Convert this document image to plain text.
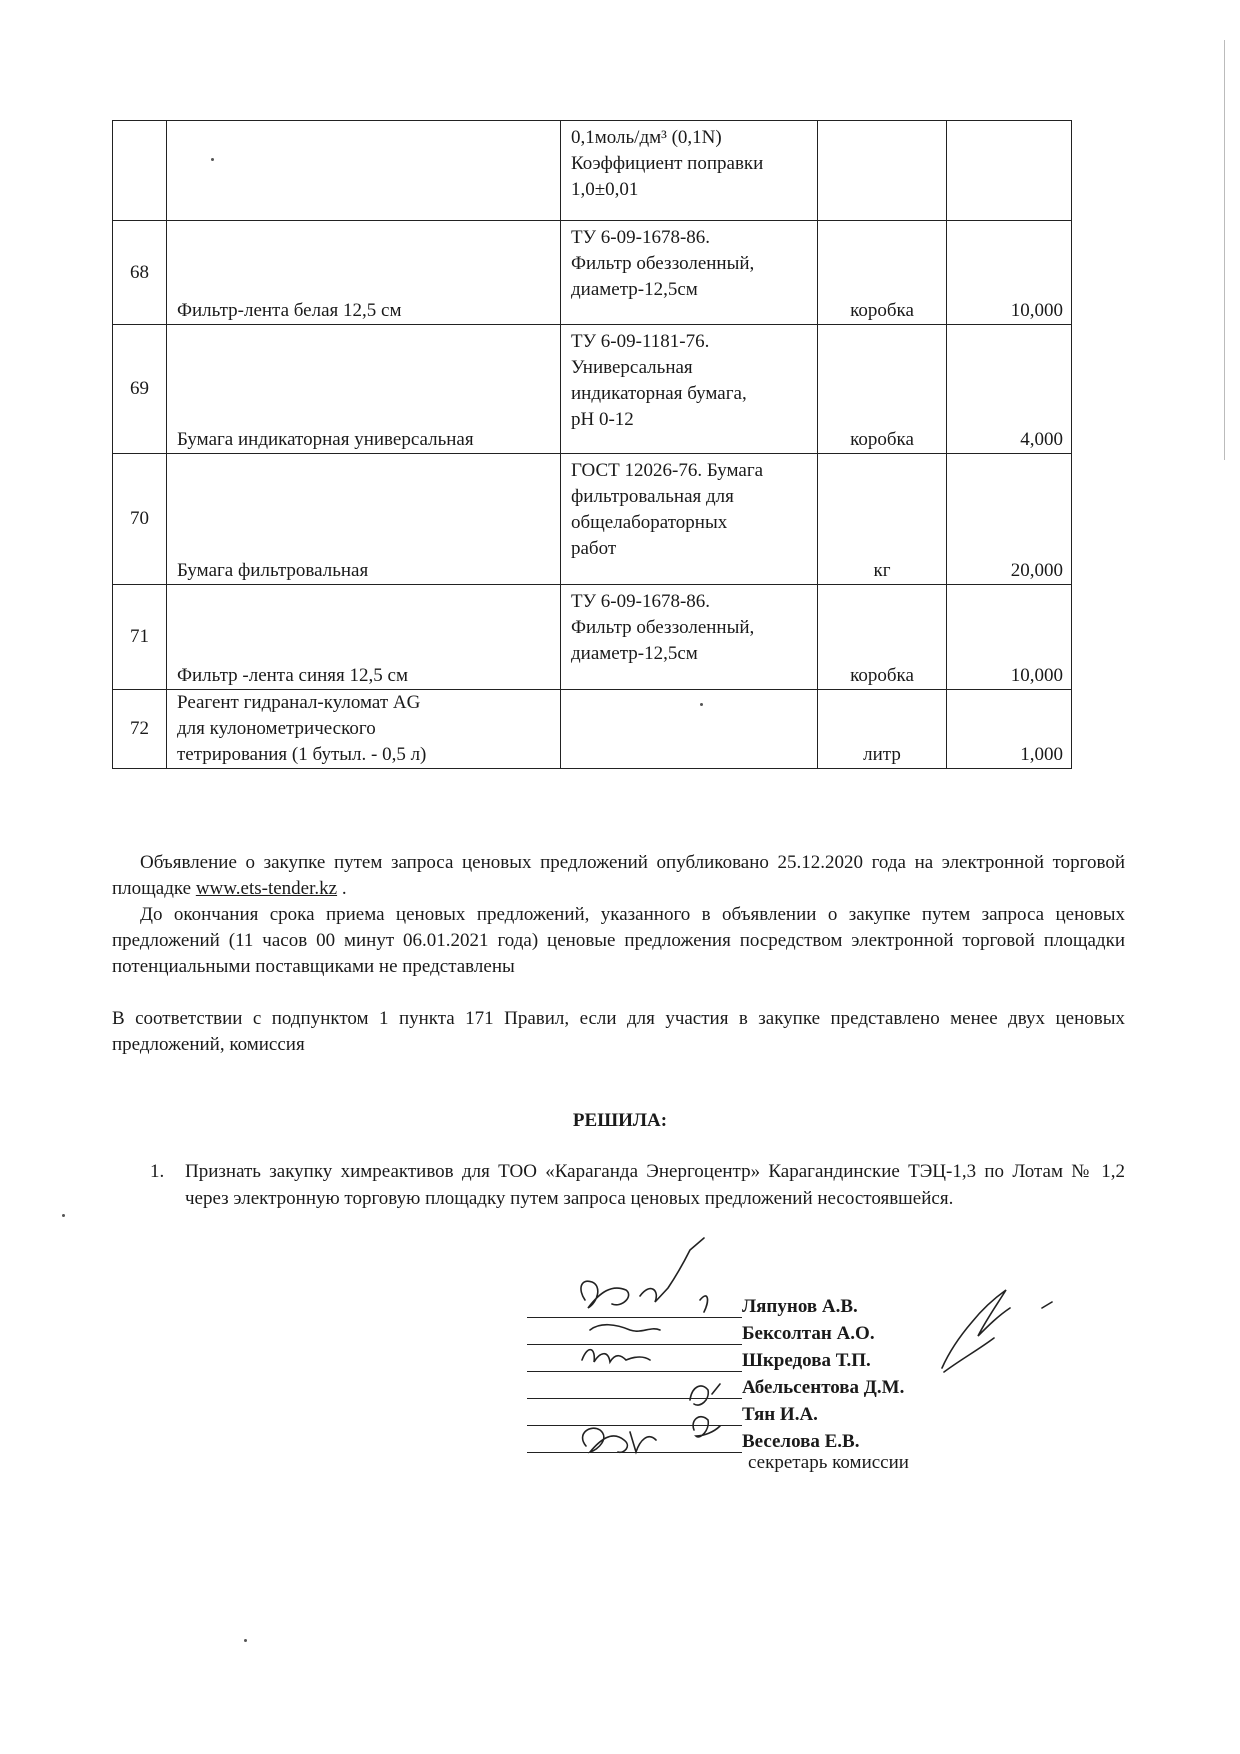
		0,1моль/дм³ (0,1N)
Коэффициент поправки
1,0±0,01		

68	Фильтр-лента белая 12,5 см	ТУ 6-09-1678-86.
Фильтр обеззоленный,
диаметр-12,5см	коробка	10,000

69	Бумага индикаторная универсальная	ТУ 6-09-1181-76.
Универсальная
индикаторная бумага,
рН 0-12	коробка	4,000

70	Бумага фильтровальная	ГОСТ 12026-76. Бумага
фильтровальная для
общелабораторных
работ	кг	20,000

71	Фильтр -лента синяя 12,5 см	ТУ 6-09-1678-86.
Фильтр обеззоленный,
диаметр-12,5см	коробка	10,000

72	Реагент гидранал-куломат AG
для кулонометрического
тетрирования (1 бутыл. - 0,5 л)		литр	1,000

Объявление о закупке путем запроса ценовых предложений опубликовано 25.12.2020 года на электронной торговой площадке www.ets-tender.kz .

До окончания срока приема ценовых предложений, указанного в объявлении о закупке путем запроса ценовых предложений (11 часов 00 минут 06.01.2021 года) ценовые предложения посредством электронной торговой площадки потенциальными поставщиками не представлены

В соответствии с подпунктом 1 пункта 171 Правил, если для участия в закупке представлено менее двух ценовых предложений, комиссия

РЕШИЛА:

1. Признать закупку химреактивов для ТОО «Караганда Энергоцентр» Карагандинские ТЭЦ-1,3 по Лотам № 1,2 через электронную торговую площадку путем запроса ценовых предложений несостоявшейся.
Ляпунов А.В.
Бексолтан А.О.
Шкредова Т.П.
Абельсентова Д.М.
Тян И.А.
Веселова Е.В.
секретарь комиссии
